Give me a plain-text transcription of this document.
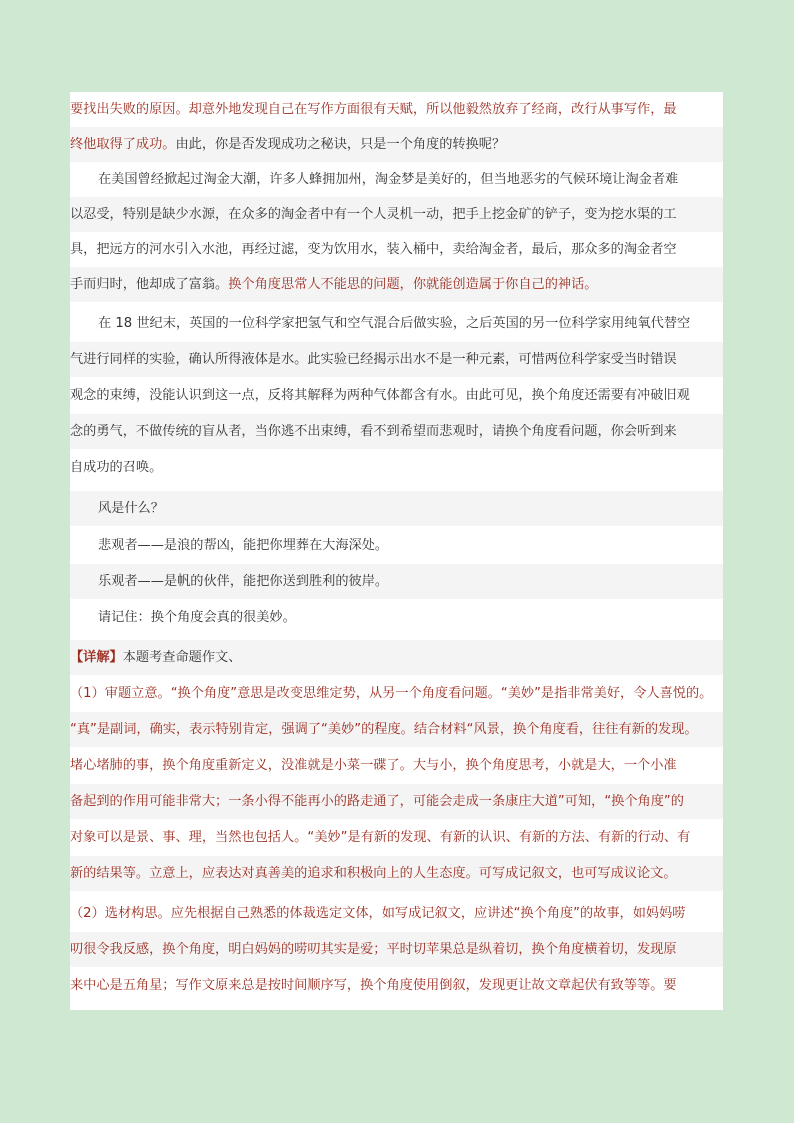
要找出失败的原因。却意外地发现自己在写作方面很有天赋，所以他毅然放弃了经商，改行从事写作，最
终他取得了成功。由此，你是否发现成功之秘诀，只是一个角度的转换呢？
在美国曾经掀起过淘金大潮，许多人蜂拥加州，淘金梦是美好的，但当地恶劣的气候环境让淘金者难
以忍受，特别是缺少水源，在众多的淘金者中有一个人灵机一动，把手上挖金矿的铲子，变为挖水渠的工
具，把远方的河水引入水池，再经过滤，变为饮用水，装入桶中，卖给淘金者，最后，那众多的淘金者空
手而归时，他却成了富翁。换个角度思常人不能思的问题，你就能创造属于你自己的神话。
在 18 世纪末，英国的一位科学家把氢气和空气混合后做实验，之后英国的另一位科学家用纯氧代替空
气进行同样的实验，确认所得液体是水。此实验已经揭示出水不是一种元素，可惜两位科学家受当时错误
观念的束缚，没能认识到这一点，反将其解释为两种气体都含有水。由此可见，换个角度还需要有冲破旧观
念的勇气，不做传统的盲从者，当你逃不出束缚，看不到希望而悲观时，请换个角度看问题，你会听到来
自成功的召唤。
风是什么？
悲观者——是浪的帮凶，能把你埋葬在大海深处。
乐观者——是帆的伙伴，能把你送到胜利的彼岸。
请记住：换个角度会真的很美妙。
【详解】本题考查命题作文、
（1）审题立意。“换个角度”意思是改变思维定势，从另一个角度看问题。“美妙”是指非常美好，令人喜悦的。
“真”是副词，确实，表示特别肯定，强调了“美妙”的程度。结合材料“风景，换个角度看，往往有新的发现。
堵心堵肺的事，换个角度重新定义，没准就是小菜一碟了。大与小，换个角度思考，小就是大，一个小准
备起到的作用可能非常大；一条小得不能再小的路走通了，可能会走成一条康庄大道”可知，“换个角度”的
对象可以是景、事、理，当然也包括人。“美妙”是有新的发现、有新的认识、有新的方法、有新的行动、有
新的结果等。立意上，应表达对真善美的追求和积极向上的人生态度。可写成记叙文，也可写成议论文。
（2）选材构思。应先根据自己熟悉的体裁选定文体，如写成记叙文，应讲述“换个角度”的故事，如妈妈唠
叨很令我反感，换个角度，明白妈妈的唠叨其实是爱；平时切苹果总是纵着切，换个角度横着切，发现原
来中心是五角星；写作文原来总是按时间顺序写，换个角度使用倒叙，发现更让故文章起伏有致等等。要
